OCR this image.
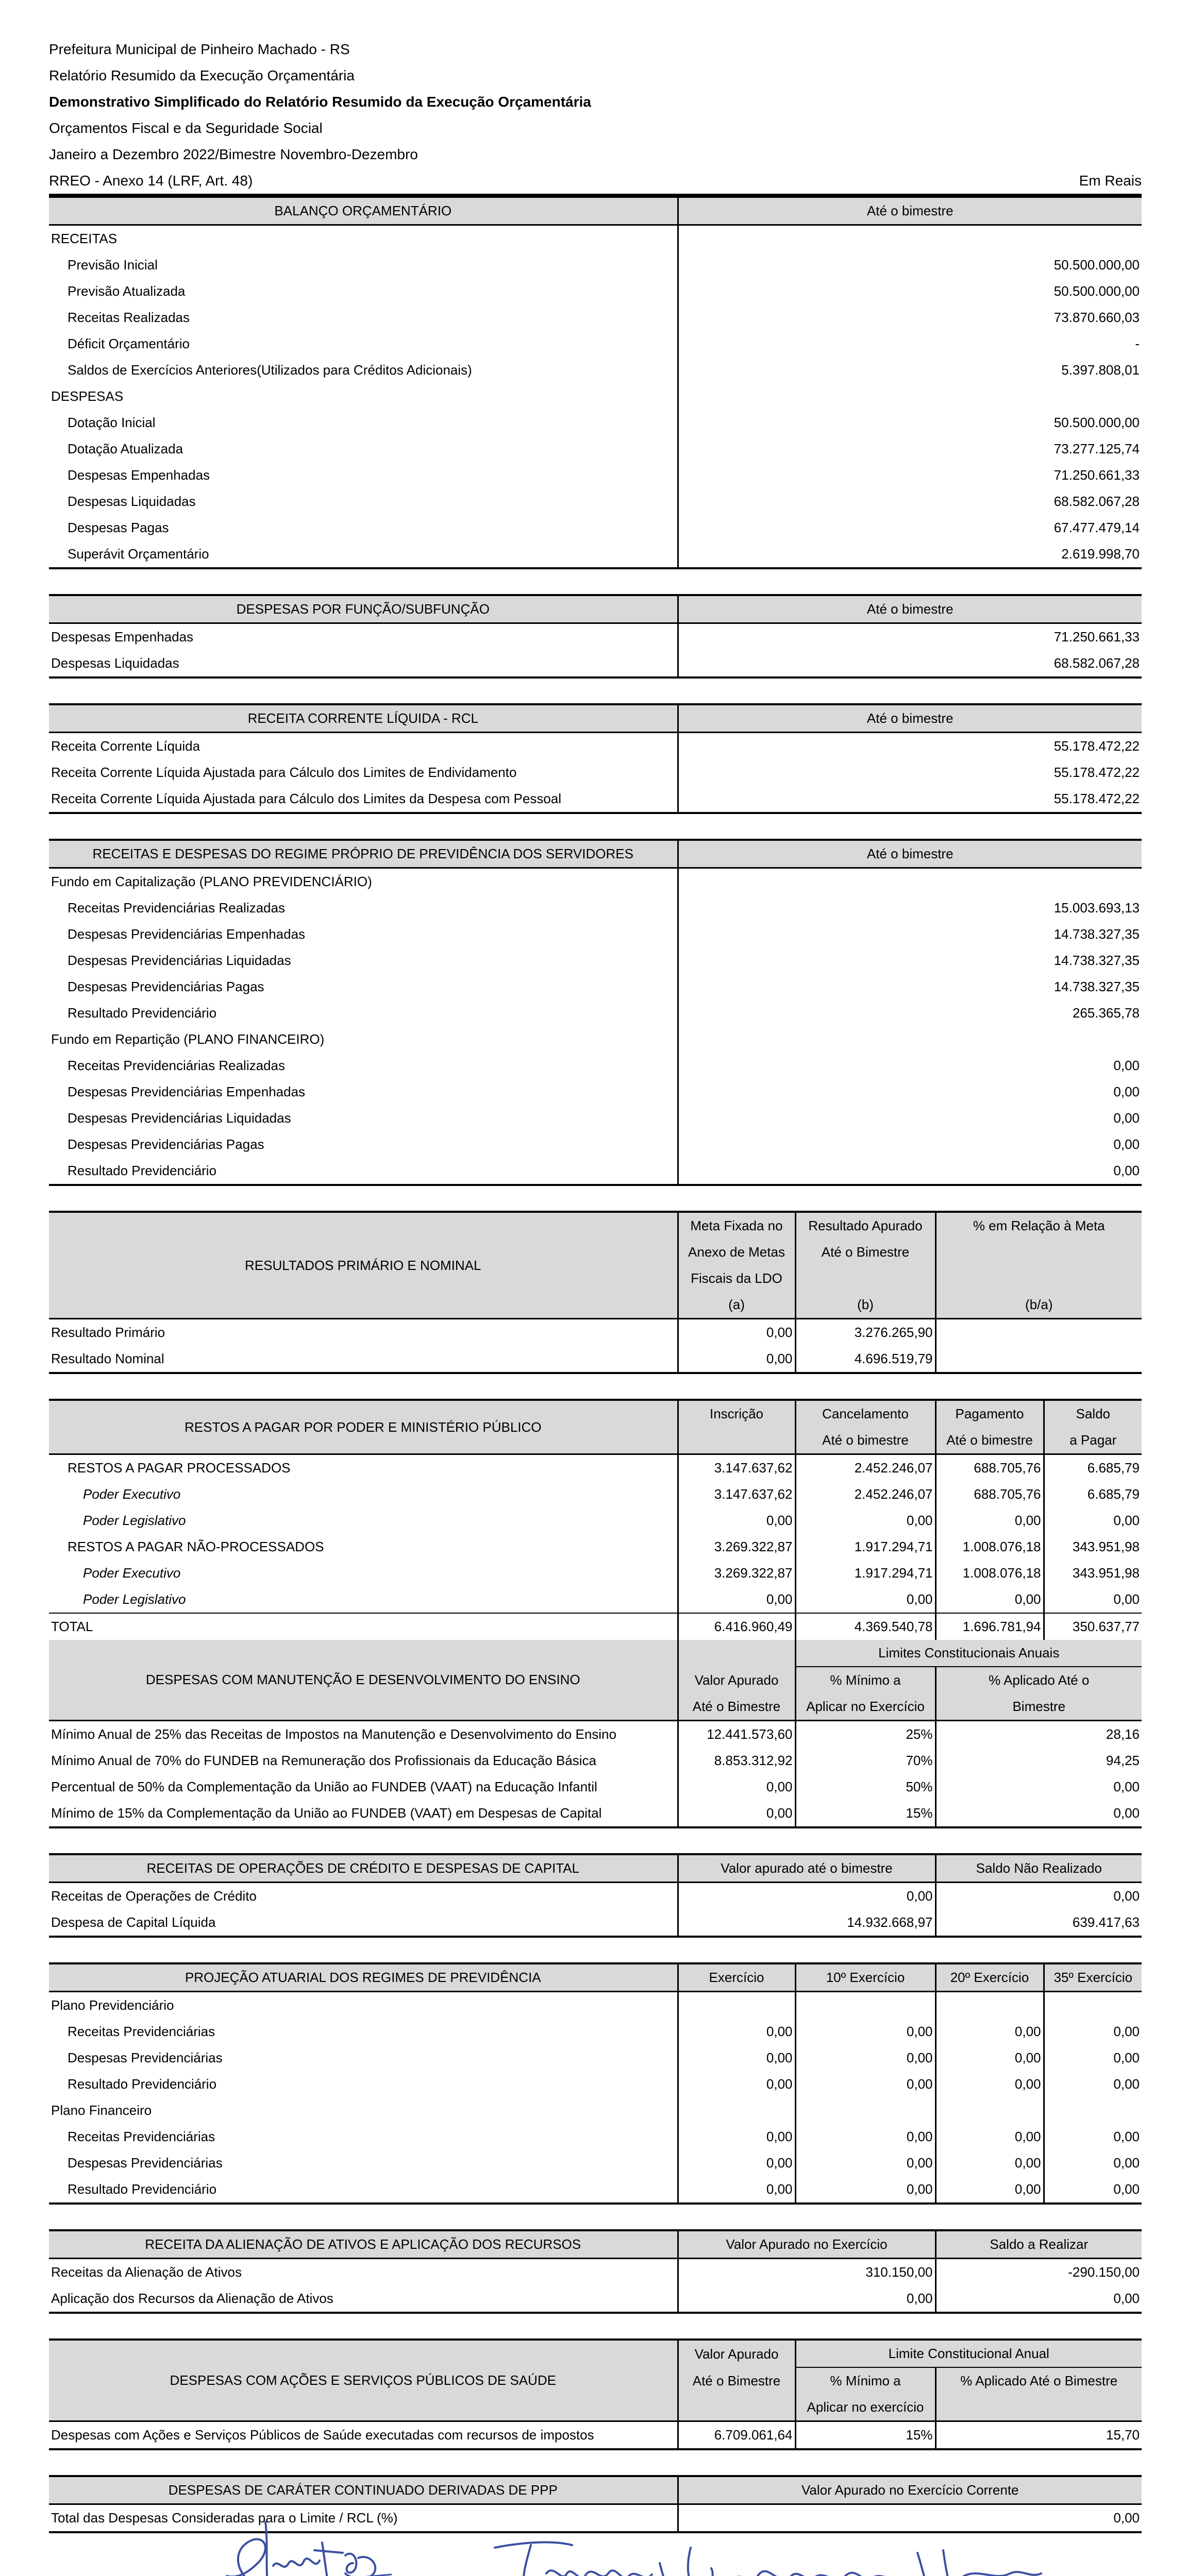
Prefeitura Municipal de Pinheiro Machado - RS
Relatório Resumido da Execução Orçamentária
Demonstrativo Simplificado do Relatório Resumido da Execução Orçamentária
Orçamentos Fiscal e da Seguridade Social
Janeiro a Dezembro 2022/Bimestre Novembro-Dezembro
RREO - Anexo 14 (LRF, Art. 48)	Em Reais
BALANÇO ORÇAMENTÁRIO	Até o bimestre
RECEITAS	
Previsão Inicial	50.500.000,00
Previsão Atualizada	50.500.000,00
Receitas Realizadas	73.870.660,03
Déficit Orçamentário	-
Saldos de Exercícios Anteriores(Utilizados para Créditos Adicionais)	5.397.808,01
DESPESAS	
Dotação Inicial	50.500.000,00
Dotação Atualizada	73.277.125,74
Despesas Empenhadas	71.250.661,33
Despesas Liquidadas	68.582.067,28
Despesas Pagas	67.477.479,14
Superávit Orçamentário	2.619.998,70
DESPESAS POR FUNÇÃO/SUBFUNÇÃO	Até o bimestre
Despesas Empenhadas	71.250.661,33
Despesas Liquidadas	68.582.067,28
RECEITA CORRENTE LÍQUIDA - RCL	Até o bimestre
Receita Corrente Líquida	55.178.472,22
Receita Corrente Líquida Ajustada para Cálculo dos Limites de Endividamento	55.178.472,22
Receita Corrente Líquida Ajustada para Cálculo dos Limites da Despesa com Pessoal	55.178.472,22
RECEITAS E DESPESAS DO REGIME PRÓPRIO DE PREVIDÊNCIA DOS SERVIDORES	Até o bimestre
Fundo em Capitalização (PLANO PREVIDENCIÁRIO)	
Receitas Previdenciárias Realizadas	15.003.693,13
Despesas Previdenciárias Empenhadas	14.738.327,35
Despesas Previdenciárias Liquidadas	14.738.327,35
Despesas Previdenciárias Pagas	14.738.327,35
Resultado Previdenciário	265.365,78
Fundo em Repartição (PLANO FINANCEIRO)	
Receitas Previdenciárias Realizadas	0,00
Despesas Previdenciárias Empenhadas	0,00
Despesas Previdenciárias Liquidadas	0,00
Despesas Previdenciárias Pagas	0,00
Resultado Previdenciário	0,00
RESULTADOS PRIMÁRIO E NOMINAL	Meta Fixada no	Resultado Apurado	% em Relação à Meta
	Anexo de Metas	Até o Bimestre	
	Fiscais da LDO		
	(a)	(b)	(b/a)
Resultado Primário	0,00	3.276.265,90	
Resultado Nominal	0,00	4.696.519,79	
RESTOS A PAGAR POR PODER E MINISTÉRIO PÚBLICO	Inscrição	Cancelamento	Pagamento	Saldo
		Até o bimestre	Até o bimestre	a Pagar
RESTOS A PAGAR PROCESSADOS	3.147.637,62	2.452.246,07	688.705,76	6.685,79
Poder Executivo	3.147.637,62	2.452.246,07	688.705,76	6.685,79
Poder Legislativo	0,00	0,00	0,00	0,00
RESTOS A PAGAR NÃO-PROCESSADOS	3.269.322,87	1.917.294,71	1.008.076,18	343.951,98
Poder Executivo	3.269.322,87	1.917.294,71	1.008.076,18	343.951,98
Poder Legislativo	0,00	0,00	0,00	0,00
TOTAL	6.416.960,49	4.369.540,78	1.696.781,94	350.637,77
DESPESAS COM MANUTENÇÃO E DESENVOLVIMENTO DO ENSINO		Limites Constitucionais Anuais	
	Valor Apurado	% Mínimo a	% Aplicado Até o
	Até o Bimestre	Aplicar no Exercício	Bimestre
Mínimo Anual de 25% das Receitas de Impostos na Manutenção e Desenvolvimento do Ensino	12.441.573,60	25%	28,16
Mínimo Anual de 70% do FUNDEB na Remuneração dos Profissionais da Educação Básica	8.853.312,92	70%	94,25
Percentual de 50% da Complementação da União ao FUNDEB (VAAT) na Educação Infantil	0,00	50%	0,00
Mínimo de 15% da Complementação da União ao FUNDEB (VAAT) em Despesas de Capital	0,00	15%	0,00
RECEITAS DE OPERAÇÕES DE CRÉDITO E DESPESAS DE CAPITAL	Valor apurado até o bimestre	Saldo Não Realizado
Receitas de Operações de Crédito	0,00	0,00
Despesa de Capital Líquida	14.932.668,97	639.417,63
PROJEÇÃO ATUARIAL DOS REGIMES DE PREVIDÊNCIA	Exercício	10º Exercício	20º Exercício	35º Exercício
Plano Previdenciário				
Receitas Previdenciárias	0,00	0,00	0,00	0,00
Despesas Previdenciárias	0,00	0,00	0,00	0,00
Resultado Previdenciário	0,00	0,00	0,00	0,00
Plano Financeiro				
Receitas Previdenciárias	0,00	0,00	0,00	0,00
Despesas Previdenciárias	0,00	0,00	0,00	0,00
Resultado Previdenciário	0,00	0,00	0,00	0,00
RECEITA DA ALIENAÇÃO DE ATIVOS E APLICAÇÃO DOS RECURSOS	Valor Apurado no Exercício	Saldo a Realizar
Receitas da Alienação de Ativos	310.150,00	-290.150,00
Aplicação dos Recursos da Alienação de Ativos	0,00	0,00
DESPESAS COM AÇÕES E SERVIÇOS PÚBLICOS DE SAÚDE	Valor Apurado	Limite Constitucional Anual	
	Até o Bimestre	% Mínimo a	% Aplicado Até o Bimestre
		Aplicar no exercício	
Despesas com Ações e Serviços Públicos de Saúde executadas com recursos de impostos	6.709.061,64	15%	15,70
DESPESAS DE CARÁTER CONTINUADO DERIVADAS DE PPP	Valor Apurado no Exercício Corrente
Total das Despesas Consideradas para o Limite / RCL (%)	0,00
